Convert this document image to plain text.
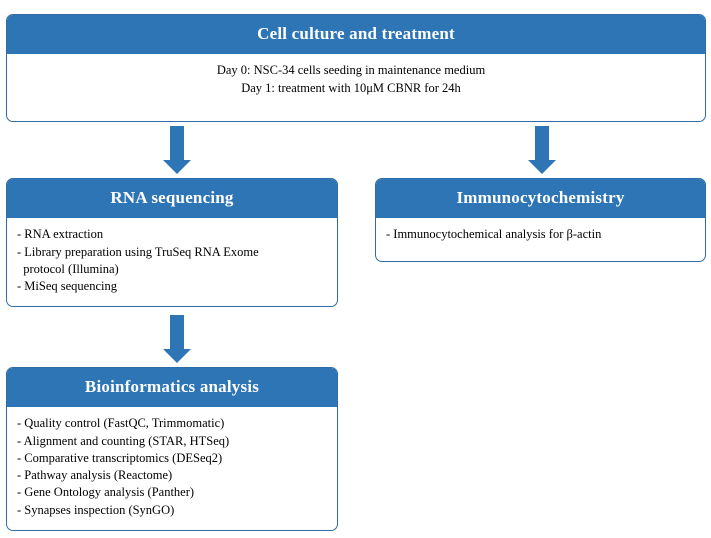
Cell culture and treatment
Day 0: NSC-34 cells seeding in maintenance medium
Day 1: treatment with 10μM CBNR for 24h
RNA sequencing
- RNA extraction
- Library preparation using TruSeq RNA Exome
protocol (Illumina)
- MiSeq sequencing
Immunocytochemistry
- Immunocytochemical analysis for β-actin
Bioinformatics analysis
- Quality control (FastQC, Trimmomatic)
- Alignment and counting (STAR, HTSeq)
- Comparative transcriptomics (DESeq2)
- Pathway analysis (Reactome)
- Gene Ontology analysis (Panther)
- Synapses inspection (SynGO)
